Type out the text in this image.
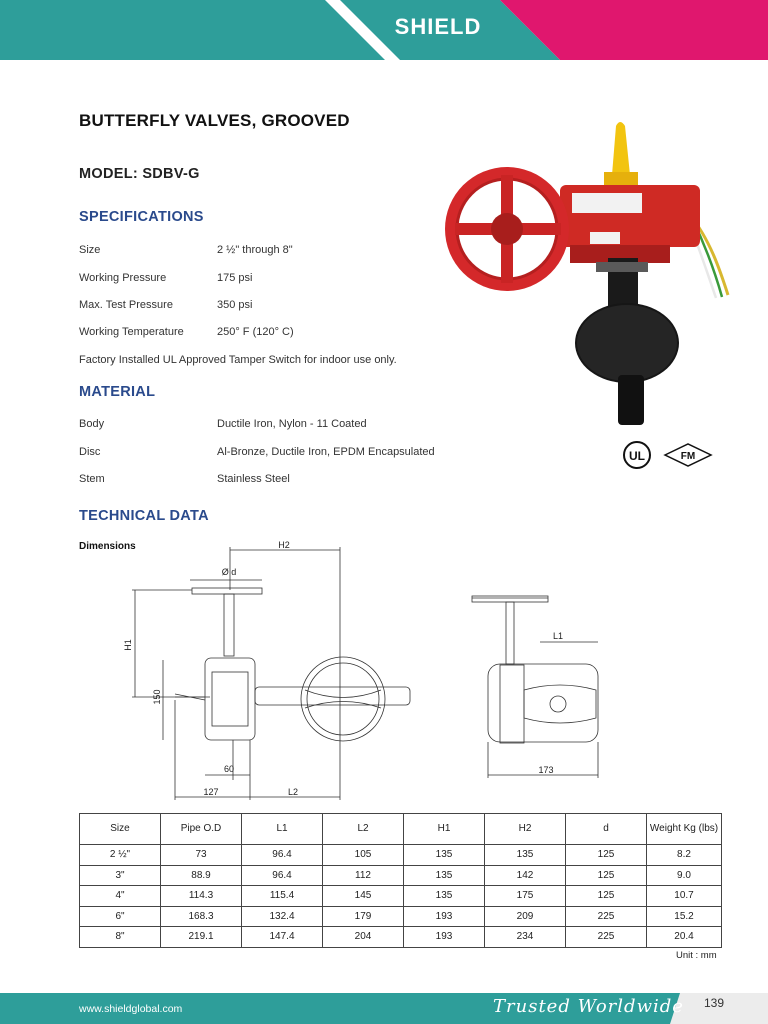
SHIELD
BUTTERFLY VALVES, GROOVED
MODEL: SDBV-G
SPECIFICATIONS
Size	2 ½" through 8"
Working Pressure	175 psi
Max. Test Pressure	350 psi
Working Temperature	250° F (120° C)
Factory Installed UL Approved Tamper Switch for indoor use only.
MATERIAL
Body	Ductile Iron, Nylon - 11 Coated
Disc	Al-Bronze, Ductile Iron, EPDM Encapsulated
Stem	Stainless Steel
UL	FM
TECHNICAL DATA
Dimensions	H2
Ø d
H1
150
60
127	L2
L1
173
Size	Pipe O.D	L1	L2	H1	H2	d	Weight Kg (lbs)
2 ½"	73	96.4	105	135	135	125	8.2
3"	88.9	96.4	112	135	142	125	9.0
4"	114.3	115.4	145	135	175	125	10.7
6"	168.3	132.4	179	193	209	225	15.2
8"	219.1	147.4	204	193	234	225	20.4
Unit : mm
www.shieldglobal.com	Trusted Worldwide	139
